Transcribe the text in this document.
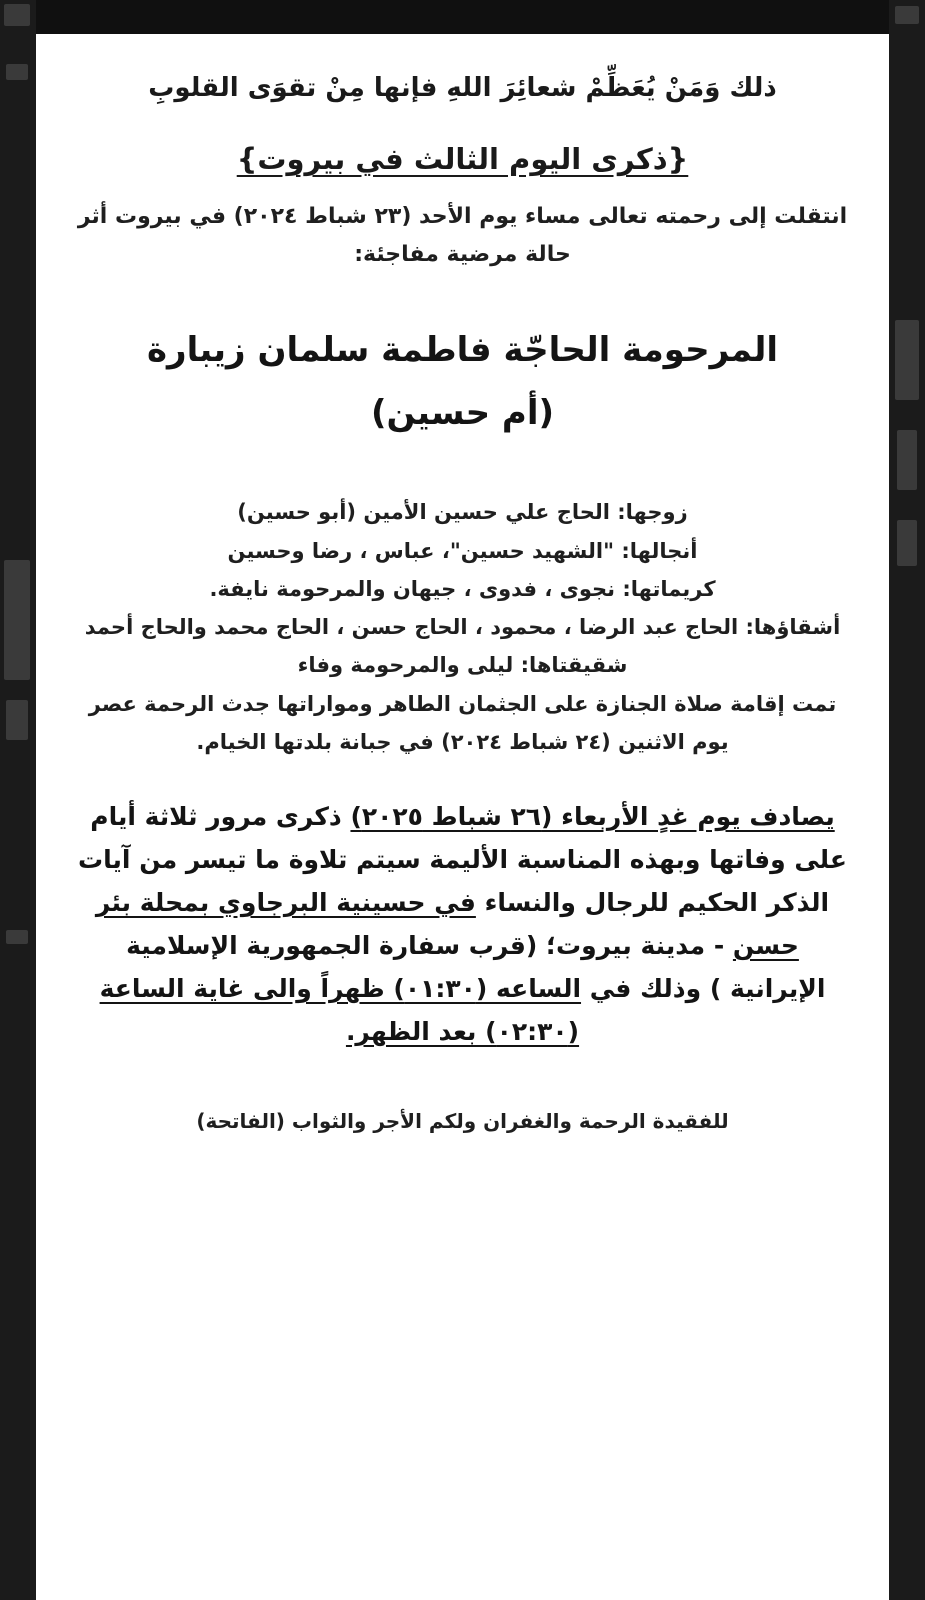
ذلك وَمَنْ يُعَظِّمْ شعائِرَ اللهِ فإنها مِنْ تقوَى القلوبِ
{ذكرى اليوم الثالث في بيروت}
انتقلت إلى رحمته تعالى مساء يوم الأحد (٢٣ شباط ٢٠٢٤) في بيروت أثر حالة مرضية مفاجئة:
المرحومة الحاجّة فاطمة سلمان زيبارة
(أم حسين)
زوجها: الحاج علي حسين الأمين (أبو حسين)
أنجالها: "الشهيد حسين"، عباس ، رضا وحسين
كريماتها: نجوى ، فدوى ، جيهان والمرحومة نايفة.
أشقاؤها: الحاج عبد الرضا ، محمود ، الحاج حسن ، الحاج محمد والحاج أحمد
شقيقتاها: ليلى والمرحومة وفاء
تمت إقامة صلاة الجنازة على الجثمان الطاهر ومواراتها جدث الرحمة عصر يوم الاثنين (٢٤ شباط ٢٠٢٤) في جبانة بلدتها الخيام.
يصادف يوم غدٍ الأربعاء (٢٦ شباط ٢٠٢٥) ذكرى مرور ثلاثة أيام على وفاتها وبهذه المناسبة الأليمة سيتم تلاوة ما تيسر من آيات الذكر الحكيم للرجال والنساء في حسينية البرجاوي بمحلة بئر حسن - مدينة بيروت؛ (قرب سفارة الجمهورية الإسلامية الإيرانية ) وذلك في الساعه (٠١:٣٠) ظهراً والى غاية الساعة (٠٢:٣٠) بعد الظهر.
للفقيدة الرحمة والغفران ولكم الأجر والثواب (الفاتحة)
